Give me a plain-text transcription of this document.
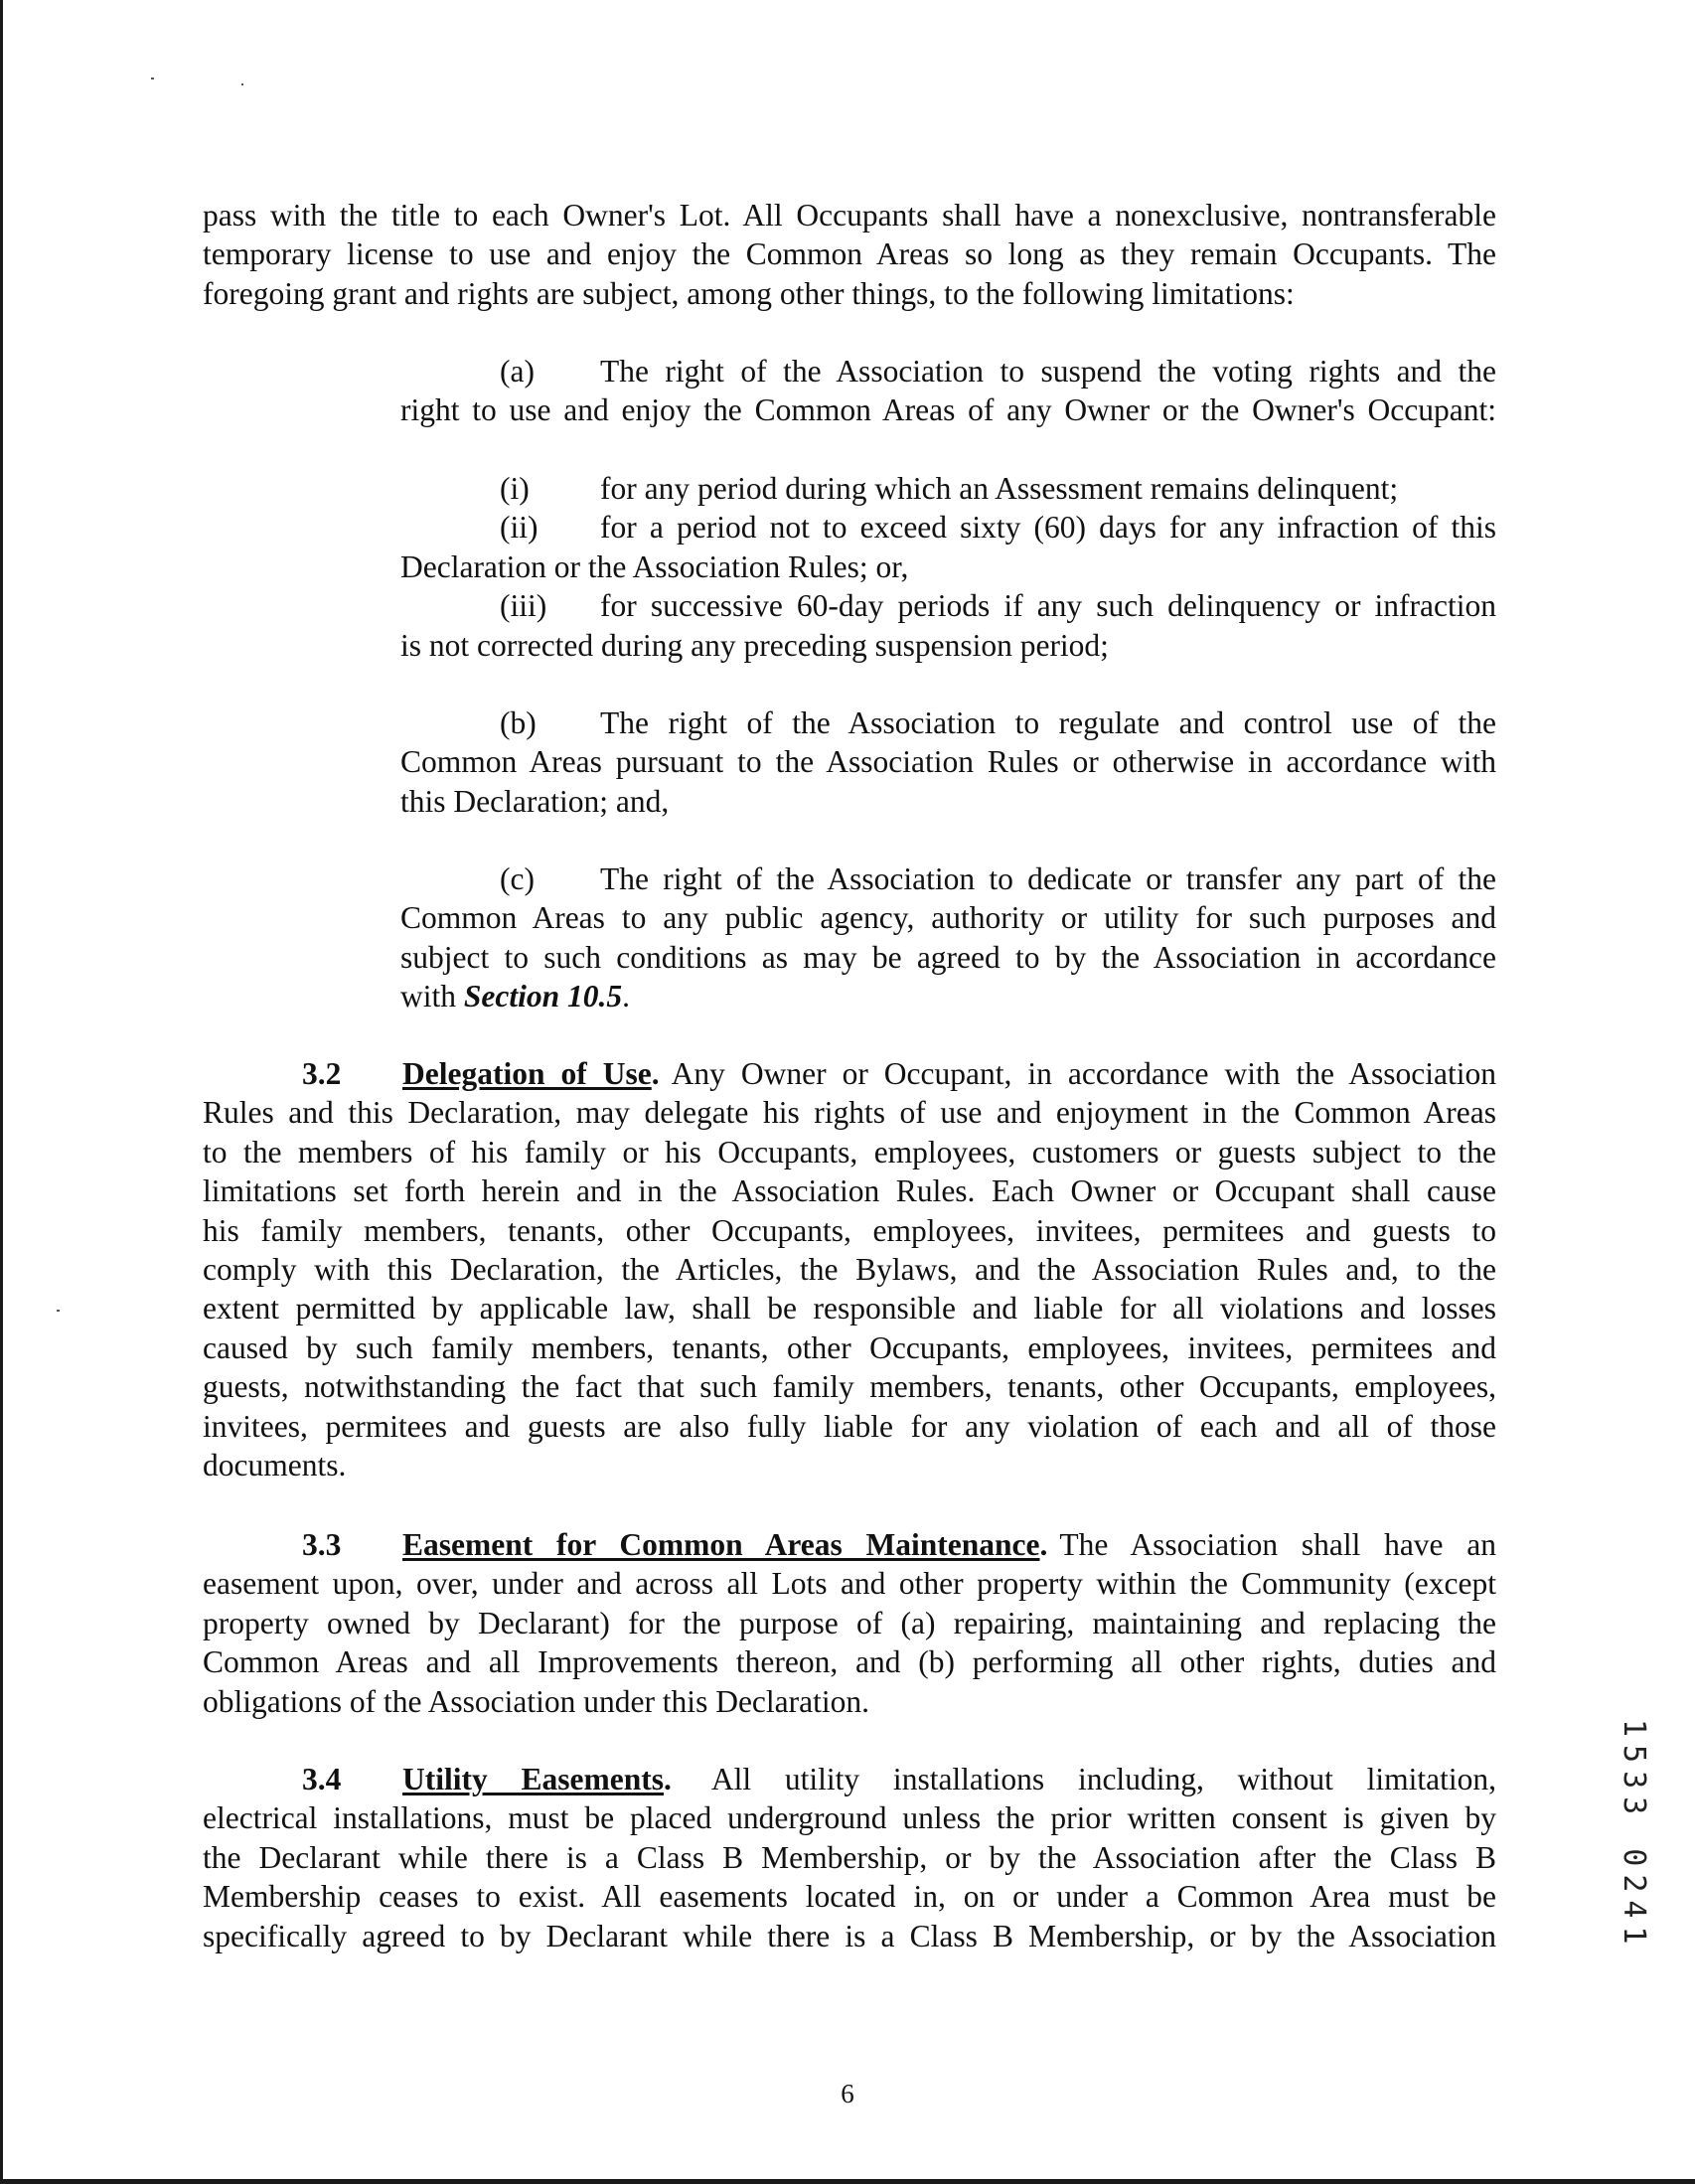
pass with the title to each Owner's Lot. All Occupants shall have a nonexclusive, nontransferable
temporary license to use and enjoy the Common Areas so long as they remain Occupants. The
foregoing grant and rights are subject, among other things, to the following limitations:
(a) The right of the Association to suspend the voting rights and the
right to use and enjoy the Common Areas of any Owner or the Owner's Occupant:
(i) for any period during which an Assessment remains delinquent;
(ii) for a period not to exceed sixty (60) days for any infraction of this
Declaration or the Association Rules; or,
(iii) for successive 60-day periods if any such delinquency or infraction
is not corrected during any preceding suspension period;
(b) The right of the Association to regulate and control use of the
Common Areas pursuant to the Association Rules or otherwise in accordance with
this Declaration; and,
(c) The right of the Association to dedicate or transfer any part of the
Common Areas to any public agency, authority or utility for such purposes and
subject to such conditions as may be agreed to by the Association in accordance
with Section 10.5.
3.2 Delegation of Use. Any Owner or Occupant, in accordance with the Association
Rules and this Declaration, may delegate his rights of use and enjoyment in the Common Areas
to the members of his family or his Occupants, employees, customers or guests subject to the
limitations set forth herein and in the Association Rules. Each Owner or Occupant shall cause
his family members, tenants, other Occupants, employees, invitees, permitees and guests to
comply with this Declaration, the Articles, the Bylaws, and the Association Rules and, to the
extent permitted by applicable law, shall be responsible and liable for all violations and losses
caused by such family members, tenants, other Occupants, employees, invitees, permitees and
guests, notwithstanding the fact that such family members, tenants, other Occupants, employees,
invitees, permitees and guests are also fully liable for any violation of each and all of those
documents.
3.3 Easement for Common Areas Maintenance. The Association shall have an
easement upon, over, under and across all Lots and other property within the Community (except
property owned by Declarant) for the purpose of (a) repairing, maintaining and replacing the
Common Areas and all Improvements thereon, and (b) performing all other rights, duties and
obligations of the Association under this Declaration.
3.4 Utility Easements. All utility installations including, without limitation,
electrical installations, must be placed underground unless the prior written consent is given by
the Declarant while there is a Class B Membership, or by the Association after the Class B
Membership ceases to exist. All easements located in, on or under a Common Area must be
specifically agreed to by Declarant while there is a Class B Membership, or by the Association	1533 0241
6
